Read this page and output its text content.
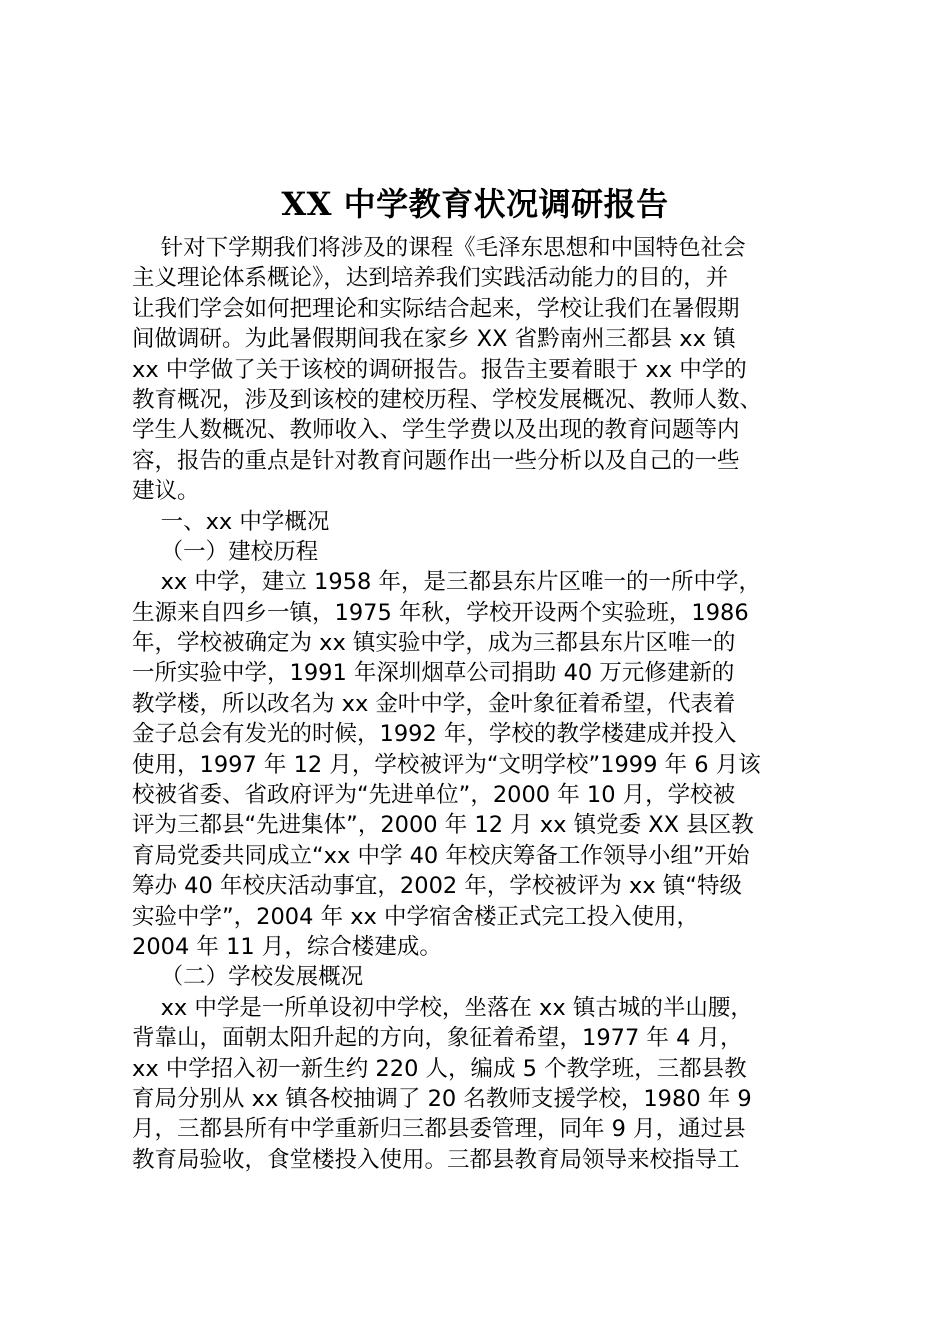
XX 中学教育状况调研报告
针对下学期我们将涉及的课程《毛泽东思想和中国特色社会
主义理论体系概论》，达到培养我们实践活动能力的目的，并
让我们学会如何把理论和实际结合起来，学校让我们在暑假期
间做调研。为此暑假期间我在家乡 XX 省黔南州三都县 xx 镇
xx 中学做了关于该校的调研报告。报告主要着眼于 xx 中学的
教育概况，涉及到该校的建校历程、学校发展概况、教师人数、
学生人数概况、教师收入、学生学费以及出现的教育问题等内
容，报告的重点是针对教育问题作出一些分析以及自己的一些
建议。
一、xx 中学概况
（一）建校历程
xx 中学，建立 1958 年，是三都县东片区唯一的一所中学，
生源来自四乡一镇，1975 年秋，学校开设两个实验班，1986
年，学校被确定为 xx 镇实验中学，成为三都县东片区唯一的
一所实验中学，1991 年深圳烟草公司捐助 40 万元修建新的
教学楼，所以改名为 xx 金叶中学，金叶象征着希望，代表着
金子总会有发光的时候，1992 年，学校的教学楼建成并投入
使用，1997 年 12 月，学校被评为“文明学校”1999 年 6 月该
校被省委、省政府评为“先进单位”，2000 年 10 月，学校被
评为三都县“先进集体”，2000 年 12 月 xx 镇党委 XX 县区教
育局党委共同成立“xx 中学 40 年校庆筹备工作领导小组”开始
筹办 40 年校庆活动事宜，2002 年，学校被评为 xx 镇“特级
实验中学”，2004 年 xx 中学宿舍楼正式完工投入使用，
2004 年 11 月，综合楼建成。
（二）学校发展概况
xx 中学是一所单设初中学校，坐落在 xx 镇古城的半山腰，
背靠山，面朝太阳升起的方向，象征着希望，1977 年 4 月，
xx 中学招入初一新生约 220 人，编成 5 个教学班，三都县教
育局分别从 xx 镇各校抽调了 20 名教师支援学校，1980 年 9
月，三都县所有中学重新归三都县委管理，同年 9 月，通过县
教育局验收，食堂楼投入使用。三都县教育局领导来校指导工
